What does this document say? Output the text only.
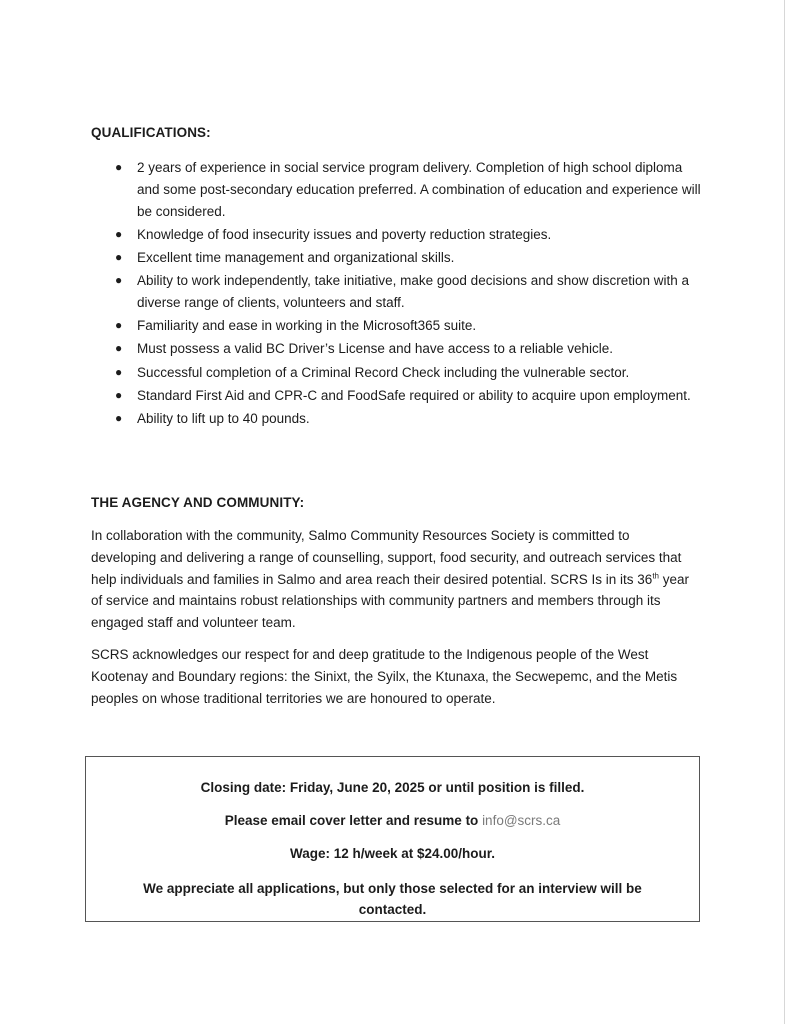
QUALIFICATIONS:
● 2 years of experience in social service program delivery. Completion of high school diploma and some post-secondary education preferred. A combination of education and experience will be considered.
● Knowledge of food insecurity issues and poverty reduction strategies.
● Excellent time management and organizational skills.
● Ability to work independently, take initiative, make good decisions and show discretion with a diverse range of clients, volunteers and staff.
● Familiarity and ease in working in the Microsoft365 suite.
● Must possess a valid BC Driver’s License and have access to a reliable vehicle.
● Successful completion of a Criminal Record Check including the vulnerable sector.
● Standard First Aid and CPR-C and FoodSafe required or ability to acquire upon employment.
● Ability to lift up to 40 pounds.
THE AGENCY AND COMMUNITY:

In collaboration with the community, Salmo Community Resources Society is committed to developing and delivering a range of counselling, support, food security, and outreach services that help individuals and families in Salmo and area reach their desired potential. SCRS Is in its 36th year of service and maintains robust relationships with community partners and members through its engaged staff and volunteer team.

SCRS acknowledges our respect for and deep gratitude to the Indigenous people of the West Kootenay and Boundary regions: the Sinixt, the Syilx, the Ktunaxa, the Secwepemc, and the Metis peoples on whose traditional territories we are honoured to operate.

Closing date: Friday, June 20, 2025 or until position is filled.
Please email cover letter and resume to info@scrs.ca
Wage: 12 h/week at $24.00/hour.
We appreciate all applications, but only those selected for an interview will be contacted.
